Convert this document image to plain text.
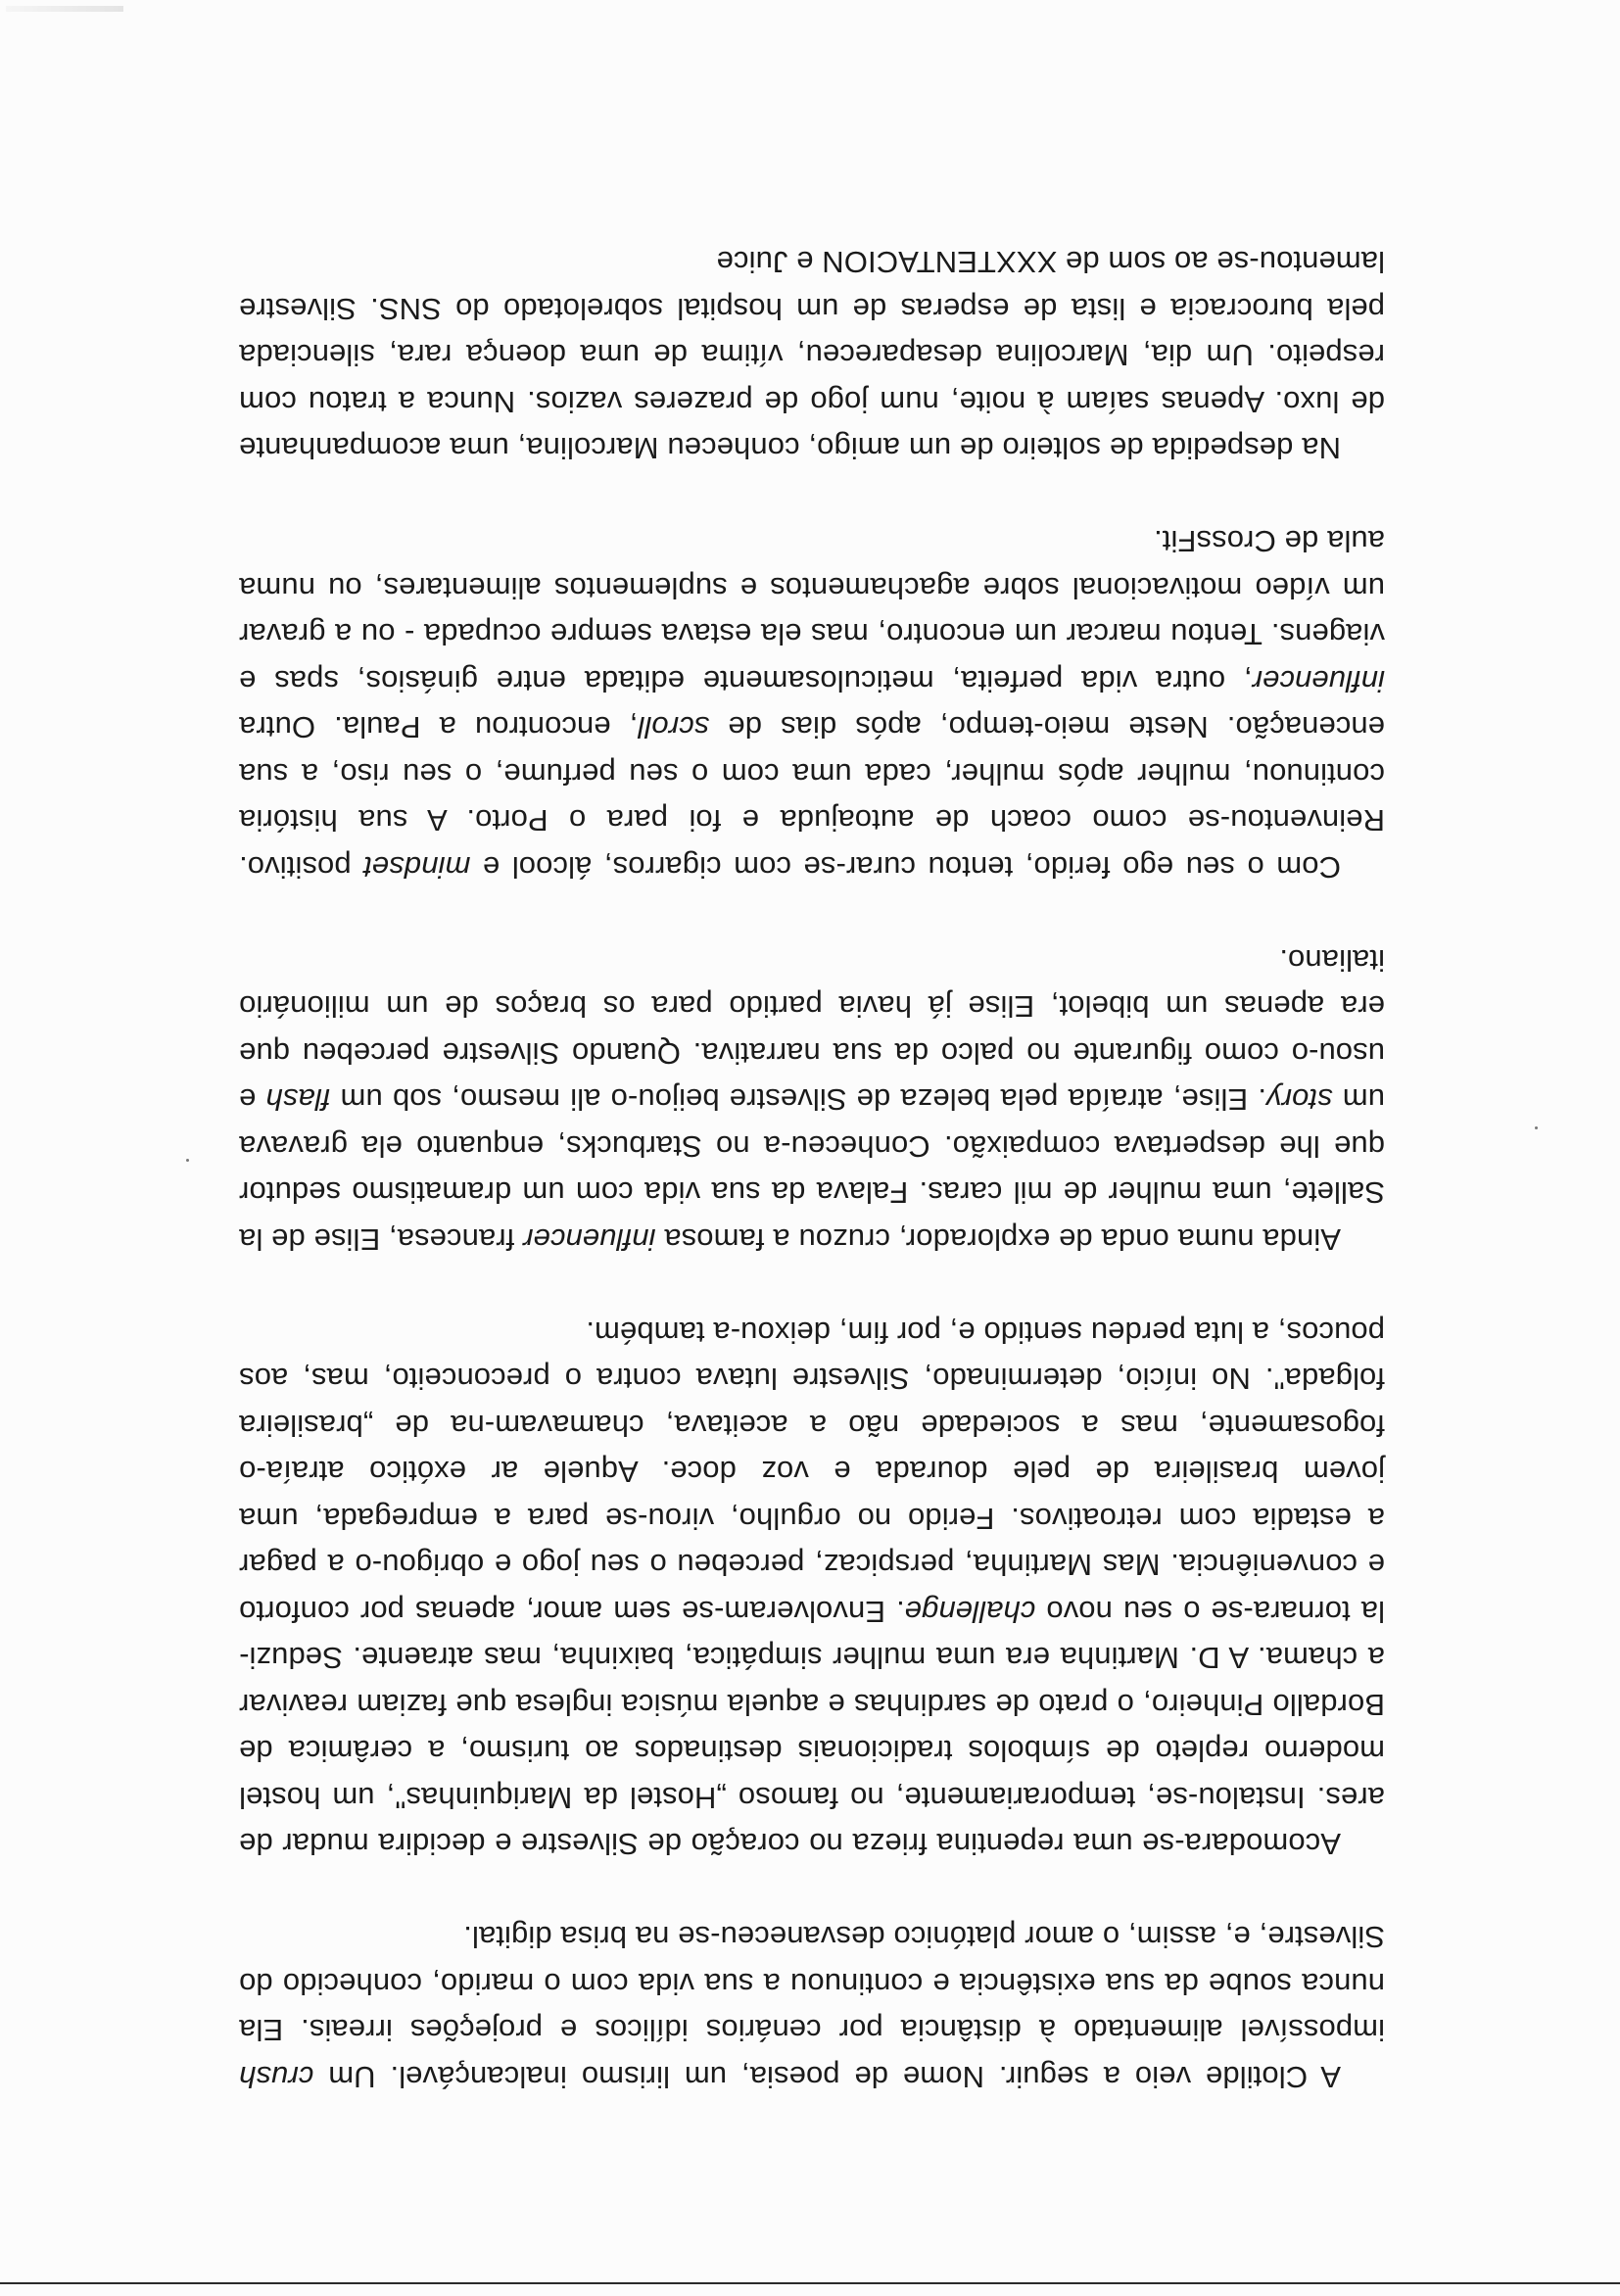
A Clotilde veio a seguir. Nome de poesia, um lirismo inalcançável. Um crush impossível alimentado à distância por cenários idílicos e projeções irreais. Ela nunca soube da sua existência e continuou a sua vida com o marido, conhecido do Silvestre, e, assim, o amor platónico desvaneceu-se na brisa digital.

Acomodara-se uma repentina frieza no coração de Silvestre e decidira mudar de ares. Instalou-se, temporariamente, no famoso „Hostel da Mariquinhas", um hostel moderno repleto de símbolos tradicionais destinados ao turismo, a cerâmica de Bordallo Pinheiro, o prato de sardinhas e aquela música inglesa que faziam reavivar a chama. A D. Martinha era uma mulher simpática, baixinha, mas atraente. Seduzi-la tornara-se o seu novo challenge. Envolveram-se sem amor, apenas por conforto e conveniência. Mas Martinha, perspicaz, percebeu o seu jogo e obrigou-o a pagar a estadia com retroativos. Ferido no orgulho, virou-se para a empregada, uma jovem brasileira de pele dourada e voz doce. Aquele ar exótico atraía-o fogosamente, mas a sociedade não a aceitava, chamavam-na de „brasileira folgada". No início, determinado, Silvestre lutava contra o preconceito, mas, aos poucos, a luta perdeu sentido e, por fim, deixou-a também.

Ainda numa onda de explorador, cruzou a famosa influencer francesa, Elise de la Sallete, uma mulher de mil caras. Falava da sua vida com um dramatismo sedutor que lhe despertava compaixão. Conheceu-a no Starbucks, enquanto ela gravava um story. Elise, atraída pela beleza de Silvestre beijou-o ali mesmo, sob um flash e usou-o como figurante no palco da sua narrativa. Quando Silvestre percebeu que era apenas um bibelot, Elise já havia partido para os braços de um milionário italiano.

Com o seu ego ferido, tentou curar-se com cigarros, álcool e mindset positivo. Reinventou-se como coach de autoajuda e foi para o Porto. A sua história continuou, mulher após mulher, cada uma com o seu perfume, o seu riso, a sua encenação. Neste meio-tempo, após dias de scroll, encontrou a Paula. Outra influencer, outra vida perfeita, meticulosamente editada entre ginásios, spas e viagens. Tentou marcar um encontro, mas ela estava sempre ocupada - ou a gravar um vídeo motivacional sobre agachamentos e suplementos alimentares, ou numa aula de CrossFit.

Na despedida de solteiro de um amigo, conheceu Marcolina, uma acompanhante de luxo. Apenas saíam à noite, num jogo de prazeres vazios. Nunca a tratou com respeito. Um dia, Marcolina desapareceu, vítima de uma doença rara, silenciada pela burocracia e lista de esperas de um hospital sobrelotado do SNS. Silvestre lamentou-se ao som de XXXTENTACION e Juice
